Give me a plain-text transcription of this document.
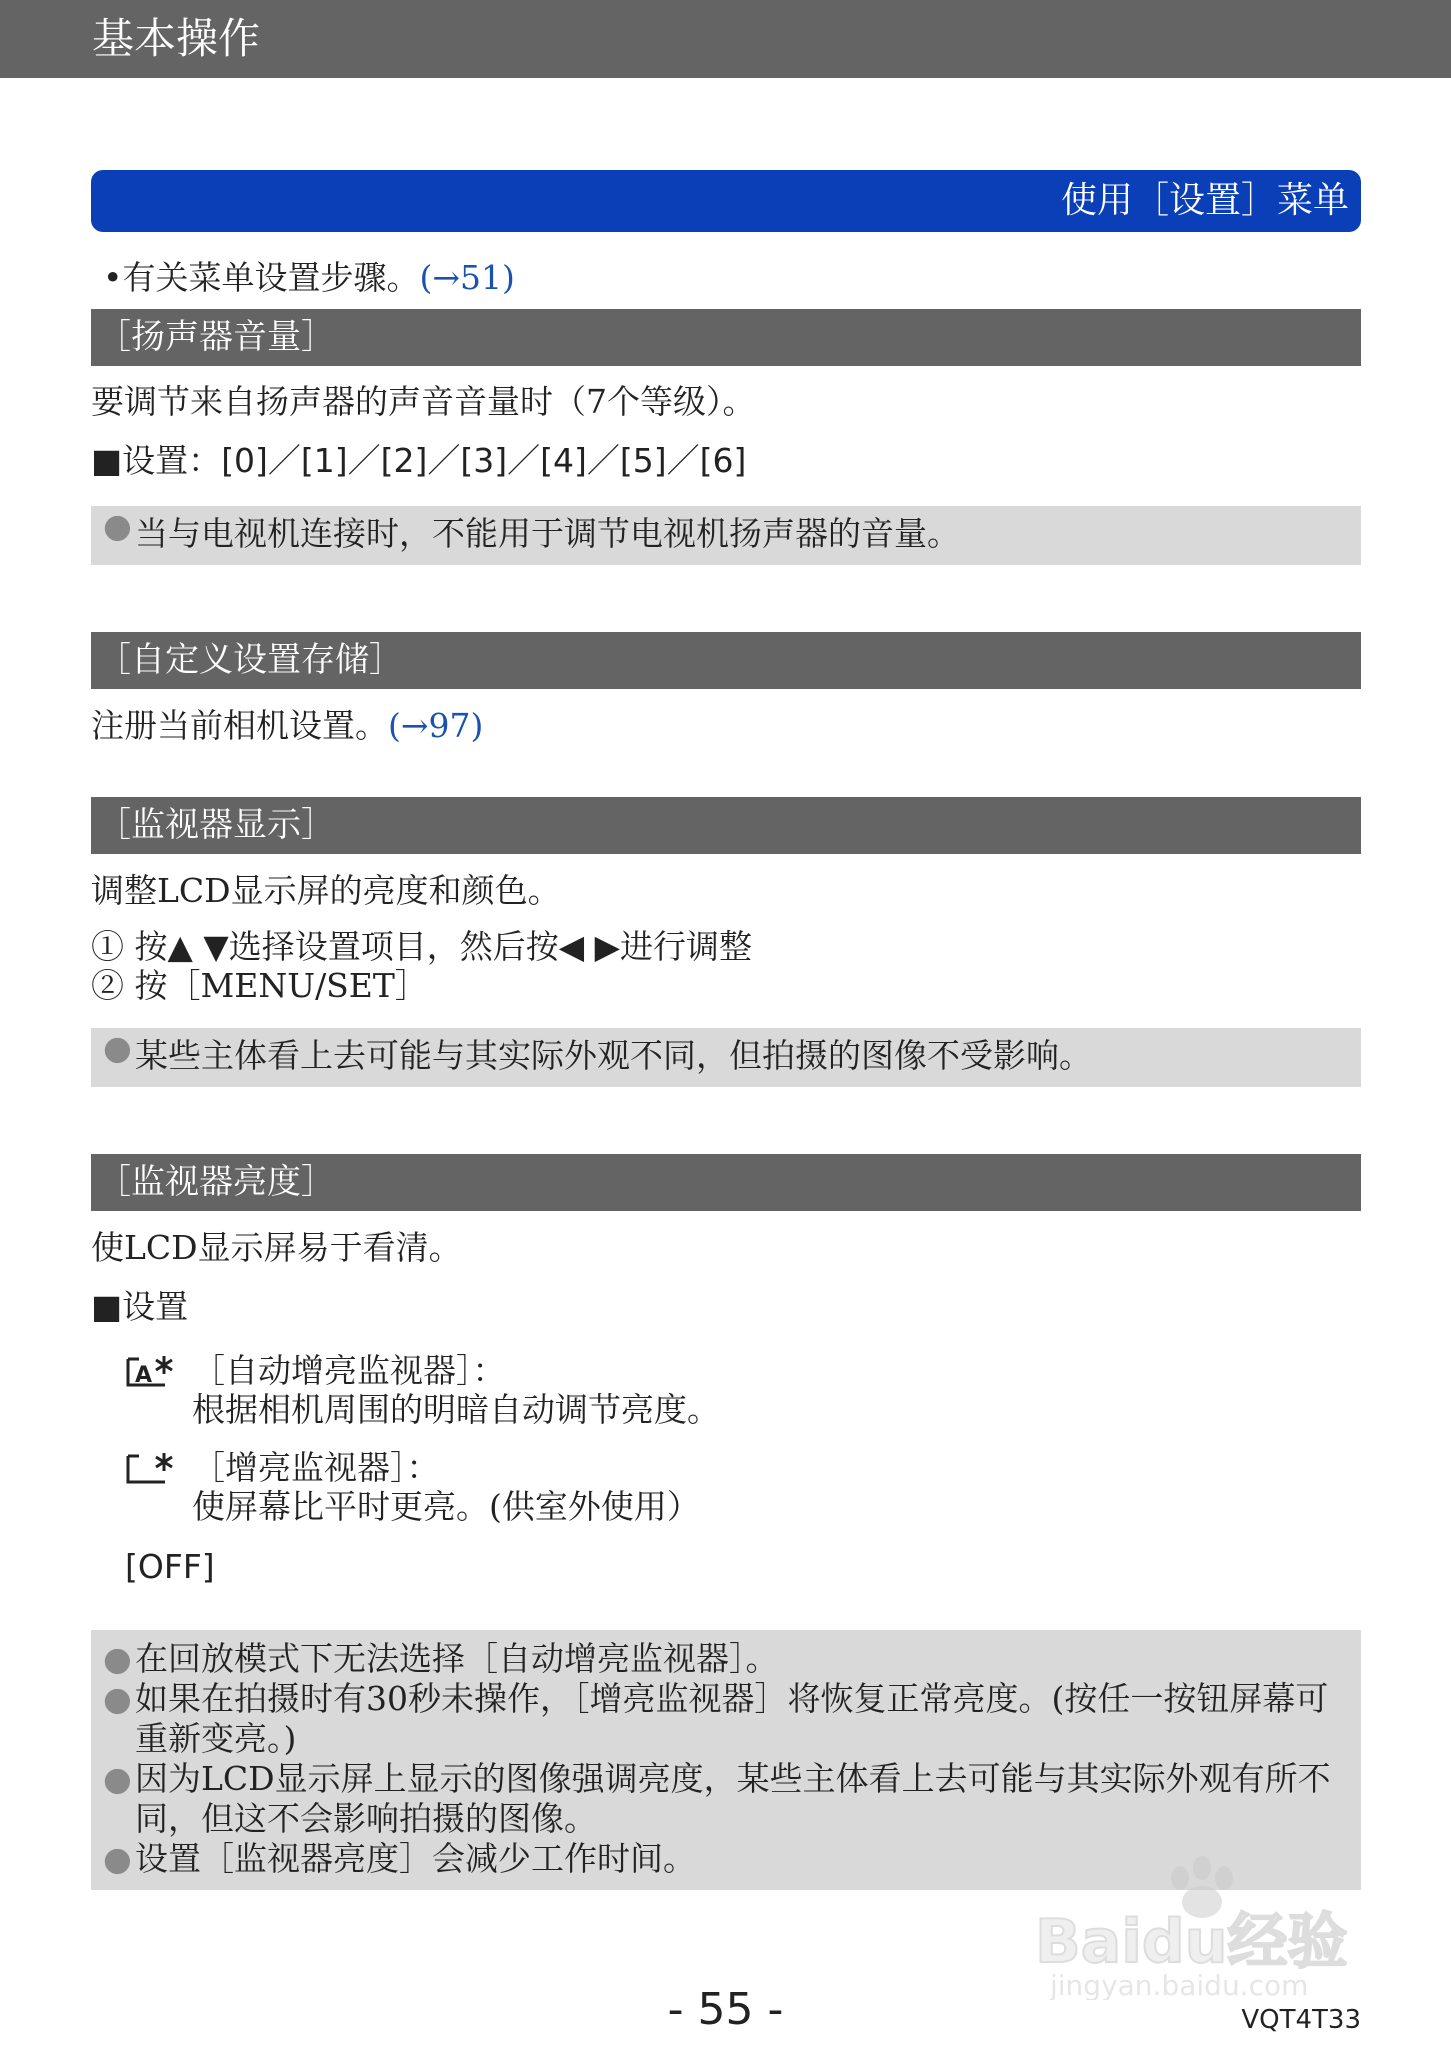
基本操作
使用［设置］菜单
•有关菜单设置步骤。(→51)
［扬声器音量］
要调节来自扬声器的声音音量时（7个等级）。
■设置：[0]／[1]／[2]／[3]／[4]／[5]／[6]
● 当与电视机连接时，不能用于调节电视机扬声器的音量。
［自定义设置存储］
注册当前相机设置。(→97)
［监视器显示］
调整LCD显示屏的亮度和颜色。
① 按▲ ▼选择设置项目，然后按◀ ▶进行调整
② 按［MENU/SET］
● 某些主体看上去可能与其实际外观不同，但拍摄的图像不受影响。
［监视器亮度］
使LCD显示屏易于看清。
■设置
A ［自动增亮监视器］：
根据相机周围的明暗自动调节亮度。
［增亮监视器］：
使屏幕比平时更亮。(供室外使用）
[OFF]
● 在回放模式下无法选择［自动增亮监视器］。
● 如果在拍摄时有30秒未操作，［增亮监视器］将恢复正常亮度。(按任一按钮屏幕可重新变亮。)
● 因为LCD显示屏上显示的图像强调亮度，某些主体看上去可能与其实际外观有所不同，但这不会影响拍摄的图像。
● 设置［监视器亮度］会减少工作时间。
Baidu经验
jingyan.baidu.com
- 55 -	VQT4T33
